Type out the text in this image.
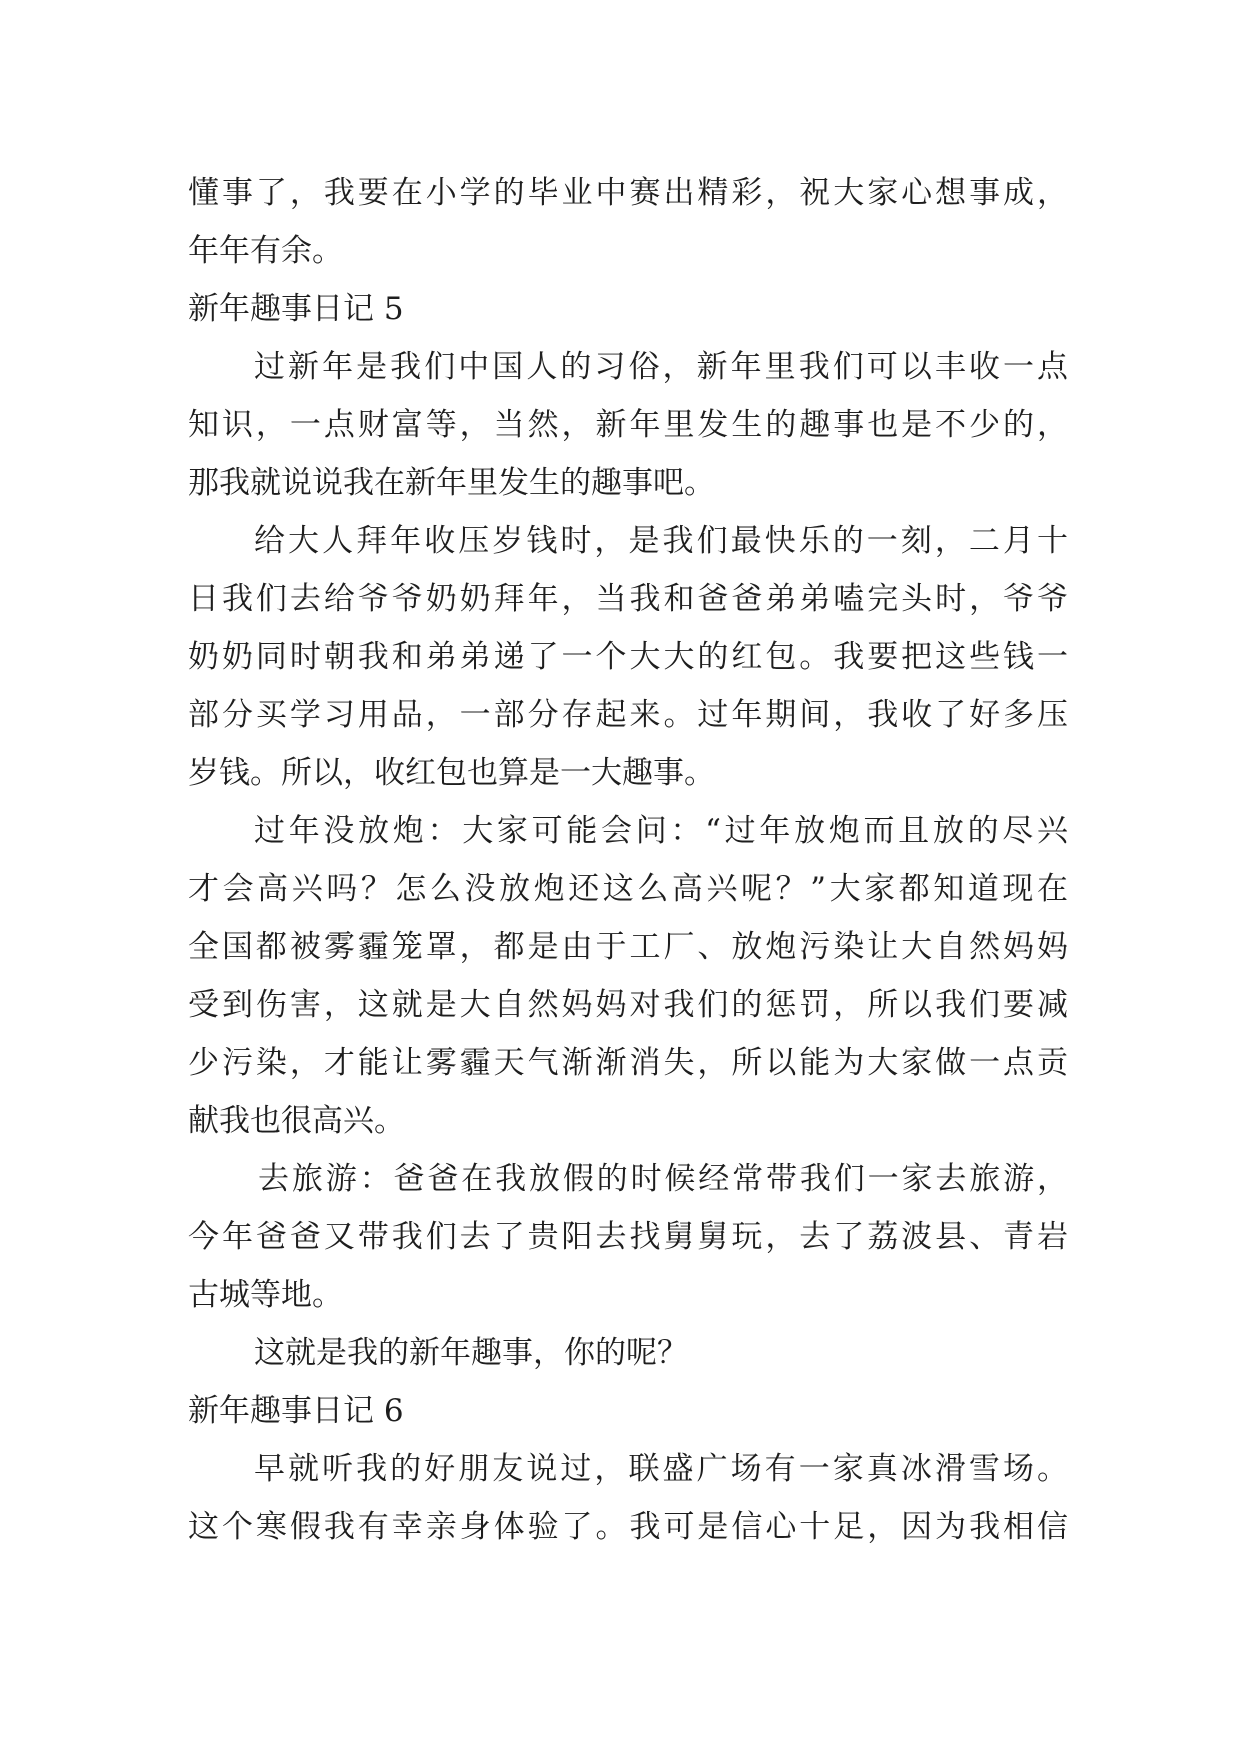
懂事了，我要在小学的毕业中赛出精彩，祝大家心想事成，
年年有余。
新年趣事日记 5
过新年是我们中国人的习俗，新年里我们可以丰收一点
知识，一点财富等，当然，新年里发生的趣事也是不少的，
那我就说说我在新年里发生的趣事吧。
给大人拜年收压岁钱时，是我们最快乐的一刻，二月十
日我们去给爷爷奶奶拜年，当我和爸爸弟弟嗑完头时，爷爷
奶奶同时朝我和弟弟递了一个大大的红包。我要把这些钱一
部分买学习用品，一部分存起来。过年期间，我收了好多压
岁钱。所以，收红包也算是一大趣事。
过年没放炮：大家可能会问：“过年放炮而且放的尽兴
才会高兴吗？怎么没放炮还这么高兴呢？”大家都知道现在
全国都被雾霾笼罩，都是由于工厂、放炮污染让大自然妈妈
受到伤害，这就是大自然妈妈对我们的惩罚，所以我们要减
少污染，才能让雾霾天气渐渐消失，所以能为大家做一点贡
献我也很高兴。
去旅游：爸爸在我放假的时候经常带我们一家去旅游，
今年爸爸又带我们去了贵阳去找舅舅玩，去了荔波县、青岩
古城等地。
这就是我的新年趣事，你的呢？
新年趣事日记 6
早就听我的好朋友说过，联盛广场有一家真冰滑雪场。
这个寒假我有幸亲身体验了。我可是信心十足，因为我相信
